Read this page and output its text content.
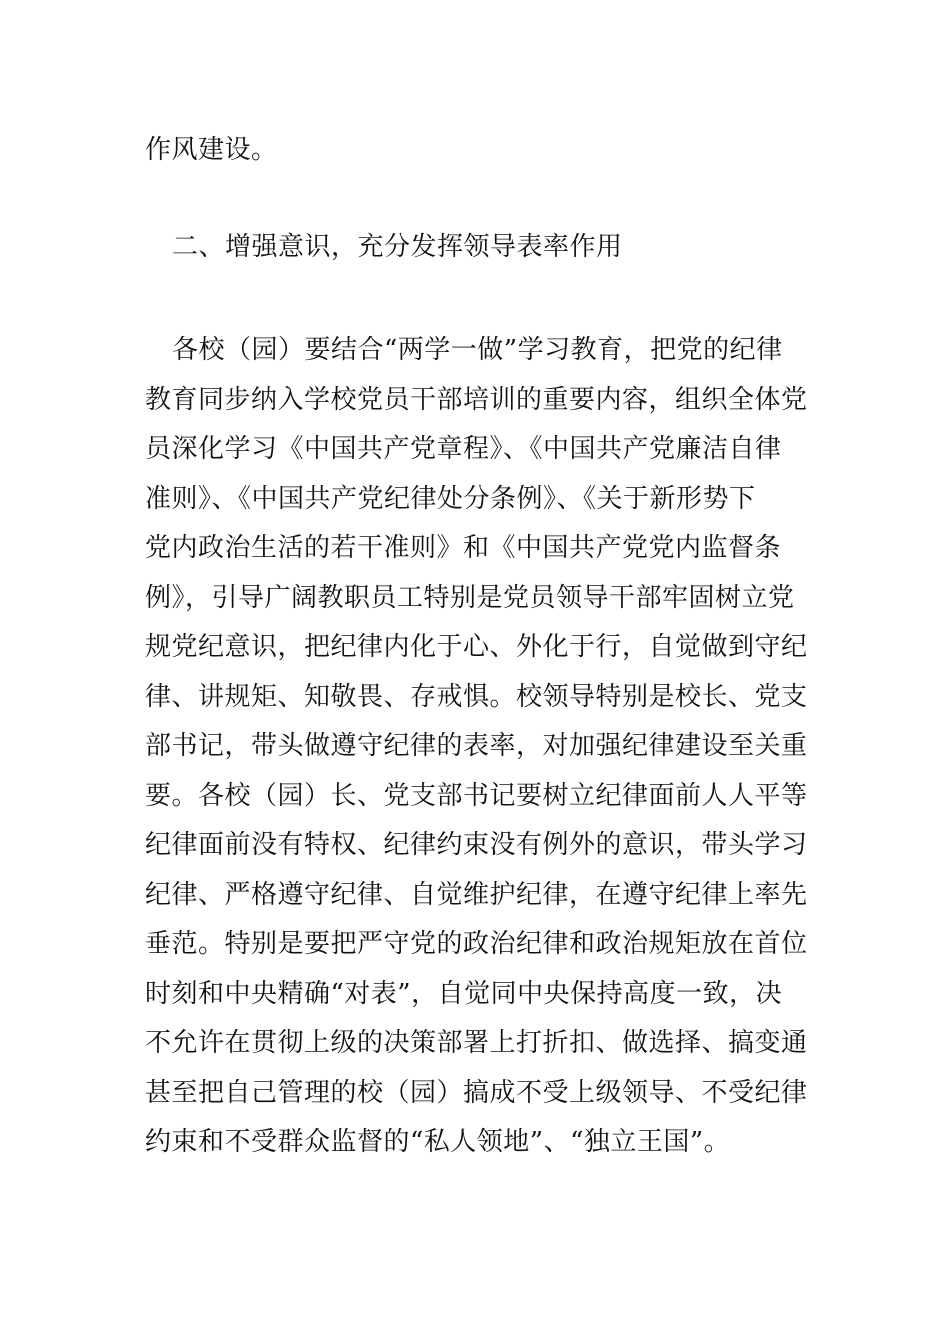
作风建设。
二、增强意识，充分发挥领导表率作用
各校（园）要结合“两学一做”学习教育，把党的纪律
教育同步纳入学校党员干部培训的重要内容，组织全体党
员深化学习《中国共产党章程》、《中国共产党廉洁自律
准则》、《中国共产党纪律处分条例》、《关于新形势下
党内政治生活的若干准则》和《中国共产党党内监督条
例》，引导广阔教职员工特别是党员领导干部牢固树立党
规党纪意识，把纪律内化于心、外化于行，自觉做到守纪
律、讲规矩、知敬畏、存戒惧。校领导特别是校长、党支
部书记，带头做遵守纪律的表率，对加强纪律建设至关重
要。各校（园）长、党支部书记要树立纪律面前人人平等
纪律面前没有特权、纪律约束没有例外的意识，带头学习
纪律、严格遵守纪律、自觉维护纪律，在遵守纪律上率先
垂范。特别是要把严守党的政治纪律和政治规矩放在首位
时刻和中央精确“对表”，自觉同中央保持高度一致，决
不允许在贯彻上级的决策部署上打折扣、做选择、搞变通
甚至把自己管理的校（园）搞成不受上级领导、不受纪律
约束和不受群众监督的“私人领地”、“独立王国”。
